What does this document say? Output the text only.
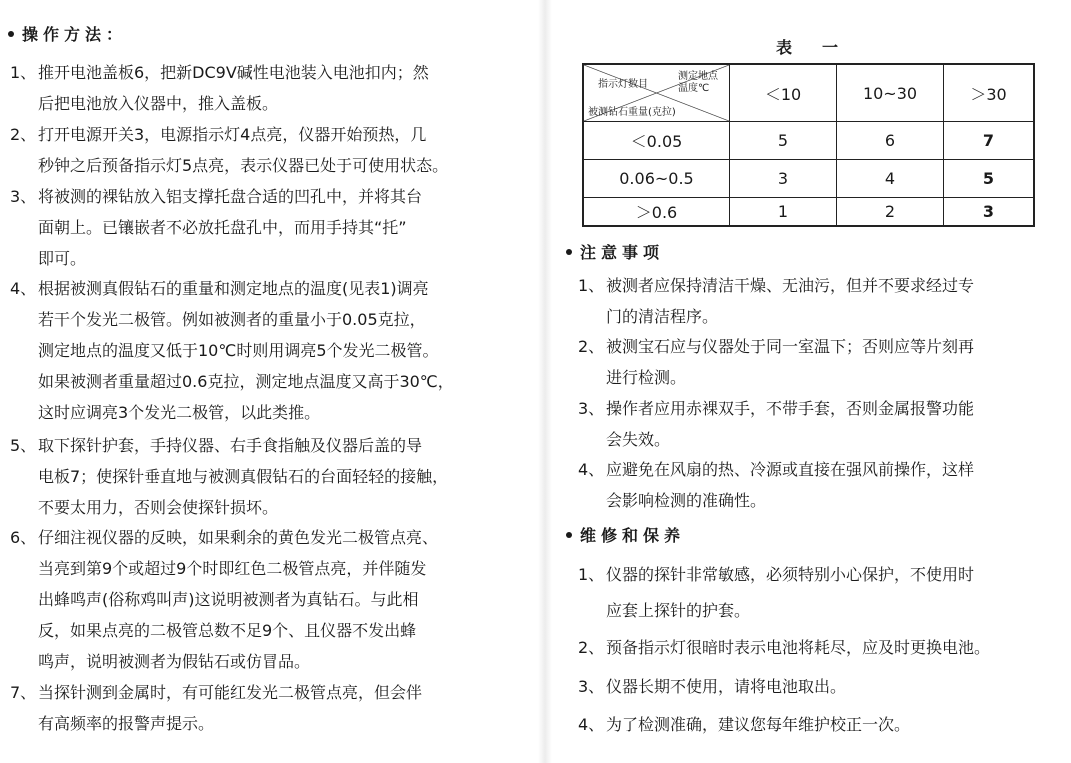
操作方法：
1、 推开电池盖板6，把新DC9V碱性电池装入电池扣内；然
后把电池放入仪器中，推入盖板。
2、 打开电源开关3，电源指示灯4点亮，仪器开始预热，几
秒钟之后预备指示灯5点亮，表示仪器已处于可使用状态。
3、 将被测的裸钻放入铝支撑托盘合适的凹孔中，并将其台
面朝上。已镶嵌者不必放托盘孔中，而用手持其“托”
即可。
4、 根据被测真假钻石的重量和测定地点的温度(见表1)调亮
若干个发光二极管。例如被测者的重量小于0.05克拉，
测定地点的温度又低于10℃时则用调亮5个发光二极管。
如果被测者重量超过0.6克拉，测定地点温度又高于30℃，
这时应调亮3个发光二极管，以此类推。
5、 取下探针护套，手持仪器、右手食指触及仪器后盖的导
电板7；使探针垂直地与被测真假钻石的台面轻轻的接触，
不要太用力，否则会使探针损坏。
6、 仔细注视仪器的反映，如果剩余的黄色发光二极管点亮、
当亮到第9个或超过9个时即红色二极管点亮，并伴随发
出蜂鸣声(俗称鸡叫声)这说明被测者为真钻石。与此相
反，如果点亮的二极管总数不足9个、且仪器不发出蜂
鸣声，说明被测者为假钻石或仿冒品。
7、 当探针测到金属时，有可能红发光二极管点亮，但会伴
有高频率的报警声提示。
表一
测定地点
温度℃
指示灯数目
被测钻石重量(克拉)	＜10	10~30	＞30
＜0.05	5	6	7
0.06~0.5	3	4	5
＞0.6	1	2	3
注意事项
1、 被测者应保持清洁干燥、无油污，但并不要求经过专
门的清洁程序。
2、 被测宝石应与仪器处于同一室温下；否则应等片刻再
进行检测。
3、 操作者应用赤裸双手，不带手套，否则金属报警功能
会失效。
4、 应避免在风扇的热、冷源或直接在强风前操作，这样
会影响检测的准确性。
维修和保养
1、 仪器的探针非常敏感，必须特别小心保护，不使用时
应套上探针的护套。
2、 预备指示灯很暗时表示电池将耗尽，应及时更换电池。
3、 仪器长期不使用，请将电池取出。
4、 为了检测准确，建议您每年维护校正一次。
